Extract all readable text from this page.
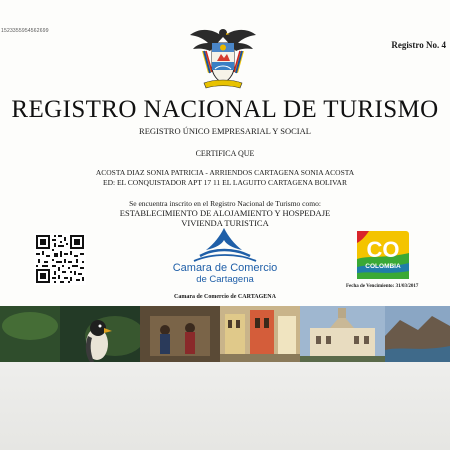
1523355954562699
Registro No. 4
REGISTRO NACIONAL DE TURISMO
REGISTRO ÚNICO EMPRESARIAL Y SOCIAL
CERTIFICA QUE
ACOSTA DIAZ SONIA PATRICIA - ARRIENDOS CARTAGENA SONIA ACOSTA
ED: EL CONQUISTADOR APT 17 11 EL LAGUITO CARTAGENA BOLIVAR
Se encuentra inscrito en el Registro Nacional de Turismo como:
ESTABLECIMIENTO DE ALOJAMIENTO Y HOSPEDAJE
VIVIENDA TURISTICA
Camara de Comercio
de Cartagena
CO
COLOMBIA
Fecha de Vencimiento: 31/03/2017
Camara de Comercio de CARTAGENA
